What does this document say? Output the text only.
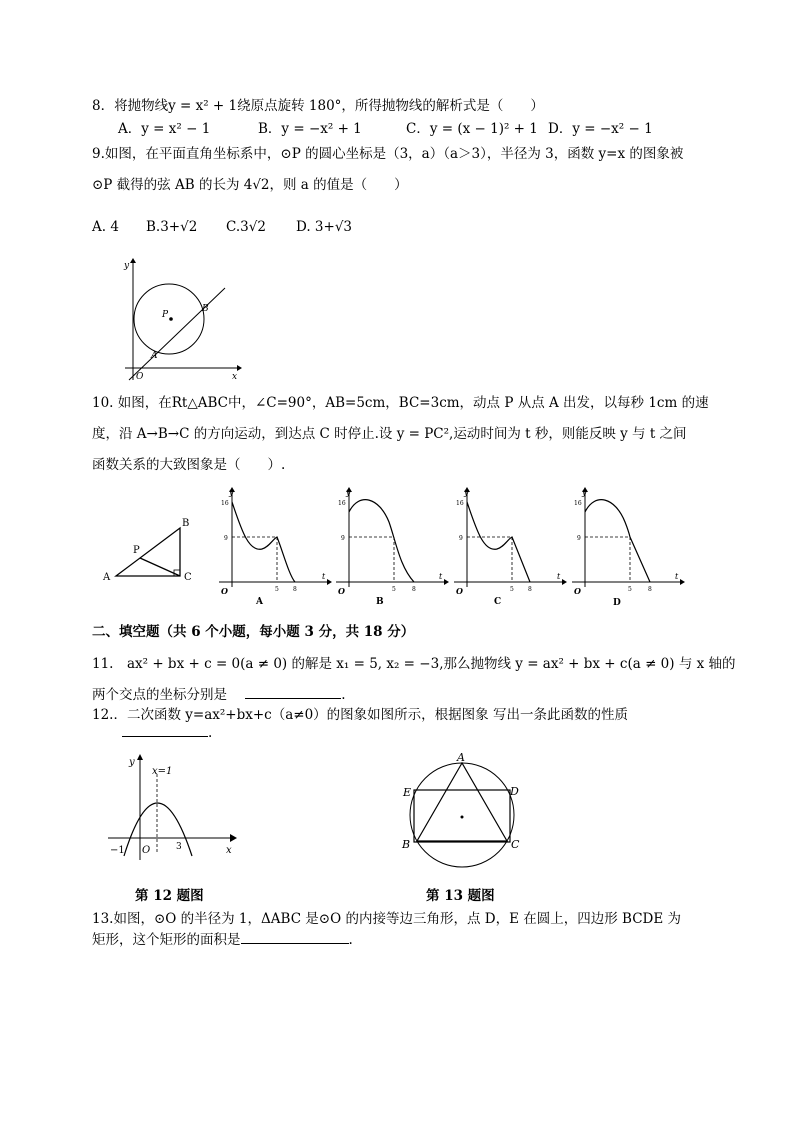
8．将抛物线y = x² + 1绕原点旋转 180°，所得抛物线的解析式是（　　）
A．y = x² − 1	B．y = −x² + 1	C．y = (x − 1)² + 1 D．y = −x² − 1
9.如图，在平面直角坐标系中，⊙P 的圆心坐标是（3，a）（a＞3），半径为 3，函数 y=x 的图象被
⊙P 截得的弦 AB 的长为 4√2，则 a 的值是（　　）
A. 4 B.3+√2 C.3√2 D. 3+√3
y
x
O
P
A
B
10. 如图，在Rt△ABC中，∠C=90°，AB=5cm，BC=3cm，动点 P 从点 A 出发，以每秒 1cm 的速
度，沿 A→B→C 的方向运动，到达点 C 时停止.设 y = PC²,运动时间为 t 秒，则能反映 y 与 t 之间
函数关系的大致图象是（　　）.
A
B
C
P
y
t
O
16
9
5 8
A
y
t
O
16
9
5	8
B
y
t
O
16
9
5 8
C
y
t
O
16
9
5	8
D
二、填空题（共 6 个小题，每小题 3 分，共 18 分）
11.　ax² + bx + c = 0(a ≠ 0) 的解是 x₁ = 5, x₂ = −3,那么抛物线 y = ax² + bx + c(a ≠ 0) 与 x 轴的
两个交点的坐标分别是	.
12.．二次函数 y=ax²+bx+c（a≠0）的图象如图所示，根据图象 写出一条此函数的性质
.
y
x
x=1
O
−1	3
第 12 题图
A
B	C
D
E
第 13 题图
13.如图，⊙O 的半径为 1，ΔABC 是⊙O 的内接等边三角形，点 D，E 在圆上，四边形 BCDE 为
矩形，这个矩形的面积是	.
